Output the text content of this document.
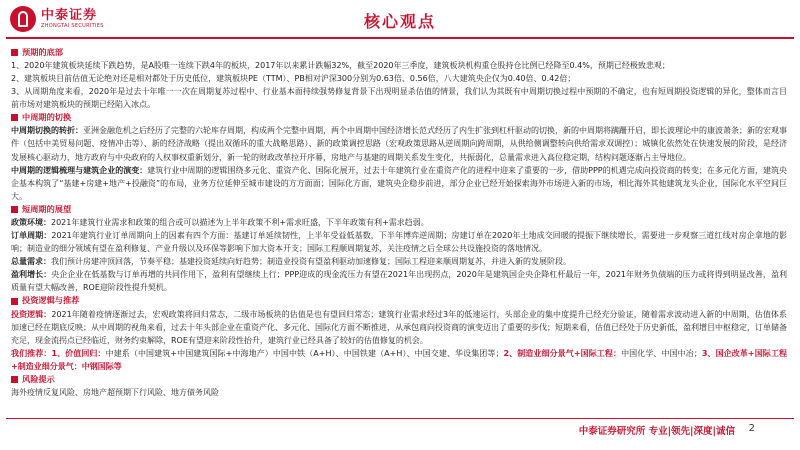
中泰证券
ZHONGTAI SECURITIES	核心观点
预期的底部
1、2020年建筑板块延续下跌趋势，是A股唯一连续下跌4年的板块，2017年以来累计跌幅32%，截至2020年三季度，建筑板块机构重仓股持仓比例已经降至0.4%，预期已经极致悲观；
2、建筑板块目前估值无论绝对还是相对都处于历史低位，建筑板块PE（TTM）、PB相对沪深300分别为0.63倍、0.56倍，八大建筑央企仅为0.40倍、0.42倍；
3、从周期角度来看，2020年是过去十年唯一一次在周期复苏过程中、行业基本面持续强势修复背景下出现明显杀估值的情景，我们认为其既有中周期切换过程中预期的不确定，也有短周期投资逻辑的异化，整体而言目前市场对建筑板块的预期已经陷入冰点。
中周期的切换
中周期切换的转折：亚洲金融危机之后经历了完整的六轮库存周期，构成两个完整中周期，两个中周期中国经济增长范式经历了内生扩张到杠杆驱动的切换，新的中周期将蹒跚开启，即长波理论中的康波萧条；新的宏观事件（包括中美贸易问题、疫情冲击等）、新的经济战略（提出双循环的重大战略思路）、新的政策调控思路（宏观政策思路从逆周期向跨周期，从供给侧调整转向供给需求双调控）；城镇化依然处在快速发展的阶段，是经济发展核心驱动力，地方政府与中央政府的人权事权重新划分，新一轮的财政改革拉开序幕，房地产与基建的周期关系发生变化，共振弱化，总量需求进入高位稳定期，结构问题逐渐占主导地位。
中周期的逻辑梳理与建筑企业的演变：建筑行业中周期的逻辑围绕多元化、重资产化、国际化展开，过去十年建筑行业在重资产化的进程中迎来了重要的一步，借助PPP的机遇完成向投资商的转变；在多元化方面，建筑央企基本构筑了“基建+房建+地产+投融资”的布局，业务方位延伸至城市建设的方方面面；国际化方面，建筑央企稳步前进，部分企业已经开始探索海外市场进入新的市场，相比海外其他建筑龙头企业，国际化水平空间巨大。
短周期的展望
政策环境：2021年建筑行业需求和政策的组合或可以描述为上半年政策不利+需求旺盛，下半年政策有利+需求趋弱。
订单周期：2021年建筑行业订单周期向上的因素有四个方面：基建订单延续韧性，上半年受益低基数，下半年博弈逆周期；房建订单在2020年土地成交回暖的提振下继续增长，需要进一步观察三道红线对房企拿地的影响；制造业的细分领域有望在盈利修复、产业升级以及环保等影响下加大资本开支；国际工程顺周期复苏，关注疫情之后全球公共设施投资的落地情况。
总量需求：我们预计房建冲顶回落，节奏平稳；基建投资延续向好趋势；制造业投资有望盈利驱动加速修复；国际工程迎来顺周期复苏，并进入新的发展阶段。
盈利增长：央企企业在低基数与订单再增的共同作用下，盈利有望继续上行；PPP迎成的现金流压力有望在2021年出现拐点，2020年是建筑国企央企降杠杆最后一年，2021年财务负债端的压力或将得到明显改善，盈利质量有望大幅改善，ROE迎阶段性提升契机。
投资逻辑与推荐
投资逻辑：2021年随着疫情逐渐过去，宏观政策将回归常态，二级市场板块的估值是也有望回归常态；建筑行业需求经过3年的低速运行，头部企业的集中度提升已经充分验证，随着需求波动进入新的中周期，估值体系加速已经在期底反映；从中周期的视角来看，过去十年头部企业在重资产化、多元化、国际化方面不断推进，从承包商向投资商的演变迈出了重要的步伐；短期来看，估值已经处于历史新低，盈利增目中枢稳定，订单储备充足，现金流拐点已经临近，财务约束解除，ROE有望迎来阶段性抬升，建筑行业已经具备了较好的估值修复的机会。
我们推荐：1、价值回归：中建系（中国建筑+中国建筑国际+中海地产）中国中铁（A+H）、中国铁建（A+H）、中国交建、华设集团等；2、制造业细分景气+国际工程：中国化学、中国中冶；3、国企改革+国际工程+制造业细分景气：中钢国际等
风险提示
海外疫情反复风险、房地产超预期下行风险、地方债务风险
中泰证券研究所 专业|领先|深度|诚信 2
